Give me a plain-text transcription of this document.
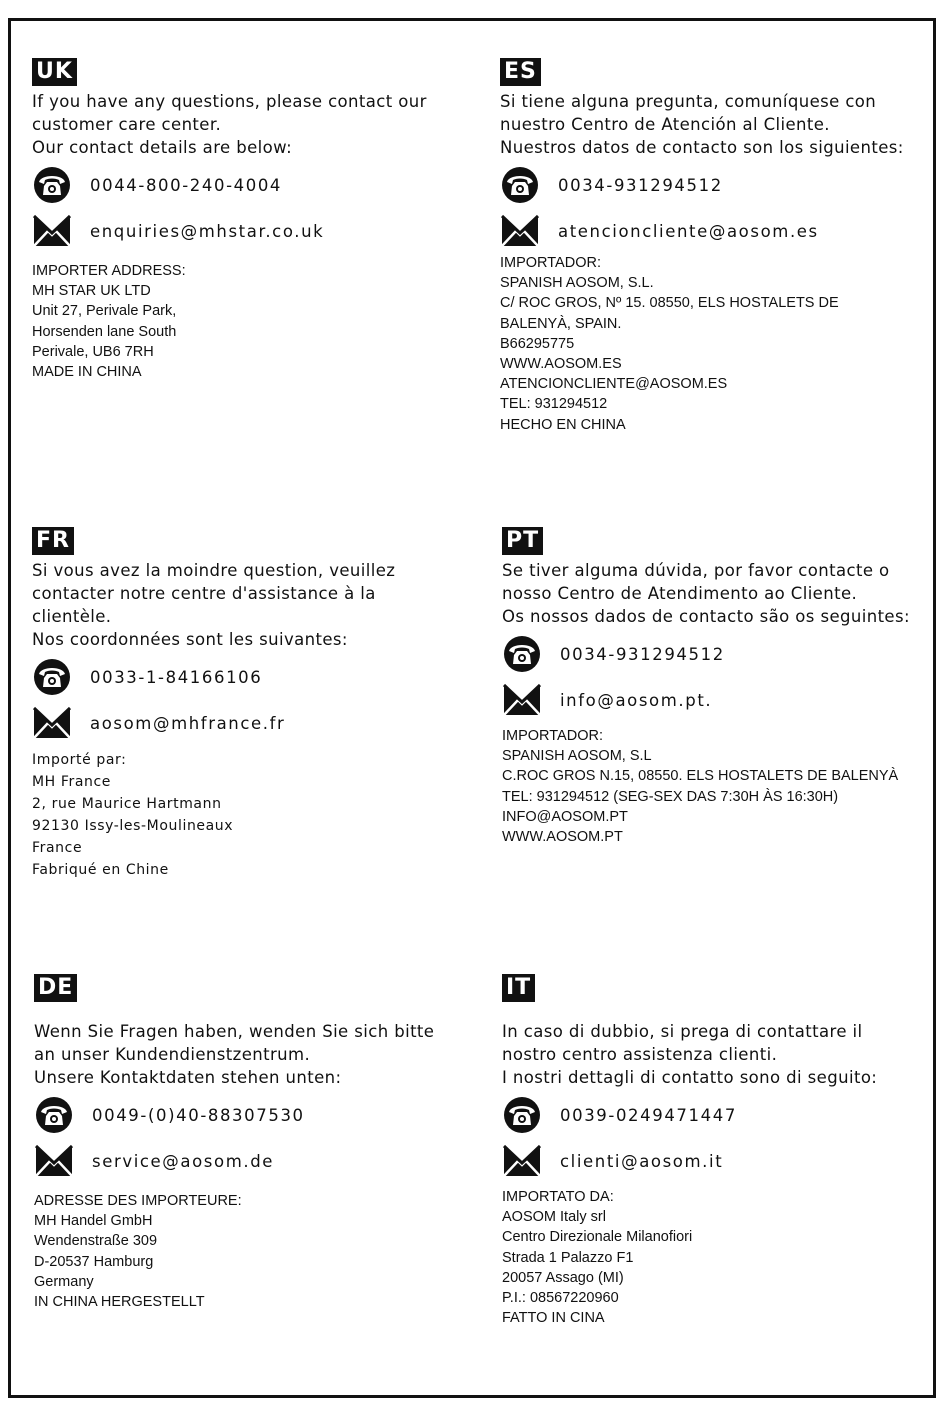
UK
If you have any questions, please contact our
customer care center.
Our contact details are below:
0044-800-240-4004
enquiries@mhstar.co.uk
IMPORTER ADDRESS:
MH STAR UK LTD
Unit 27, Perivale Park,
Horsenden lane South
Perivale, UB6 7RH
MADE IN CHINA
ES
Si tiene alguna pregunta, comuníquese con
nuestro Centro de Atención al Cliente.
Nuestros datos de contacto son los siguientes:
0034-931294512
atencioncliente@aosom.es
IMPORTADOR:
SPANISH AOSOM, S.L.
C/ ROC GROS, Nº 15. 08550, ELS HOSTALETS DE
BALENYÀ, SPAIN.
B66295775
WWW.AOSOM.ES
ATENCIONCLIENTE@AOSOM.ES
TEL: 931294512
HECHO EN CHINA
FR
Si vous avez la moindre question, veuillez
contacter notre centre d'assistance à la
clientèle.
Nos coordonnées sont les suivantes:
0033-1-84166106
aosom@mhfrance.fr
Importé par:
MH France
2, rue Maurice Hartmann
92130 Issy-les-Moulineaux
France
Fabriqué en Chine
PT
Se tiver alguma dúvida, por favor contacte o
nosso Centro de Atendimento ao Cliente.
Os nossos dados de contacto são os seguintes:
0034-931294512
info@aosom.pt.
IMPORTADOR:
SPANISH AOSOM, S.L
C.ROC GROS N.15, 08550. ELS HOSTALETS DE BALENYÀ
TEL: 931294512 (SEG-SEX DAS 7:30H ÀS 16:30H)
INFO@AOSOM.PT
WWW.AOSOM.PT
DE
Wenn Sie Fragen haben, wenden Sie sich bitte
an unser Kundendienstzentrum.
Unsere Kontaktdaten stehen unten:
0049-(0)40-88307530
service@aosom.de
ADRESSE DES IMPORTEURE:
MH Handel GmbH
Wendenstraße 309
D-20537 Hamburg
Germany
IN CHINA HERGESTELLT
IT
In caso di dubbio, si prega di contattare il
nostro centro assistenza clienti.
I nostri dettagli di contatto sono di seguito:
0039-0249471447
clienti@aosom.it
IMPORTATO DA:
AOSOM Italy srl
Centro Direzionale Milanofiori
Strada 1 Palazzo F1
20057 Assago (MI)
P.I.: 08567220960
FATTO IN CINA
